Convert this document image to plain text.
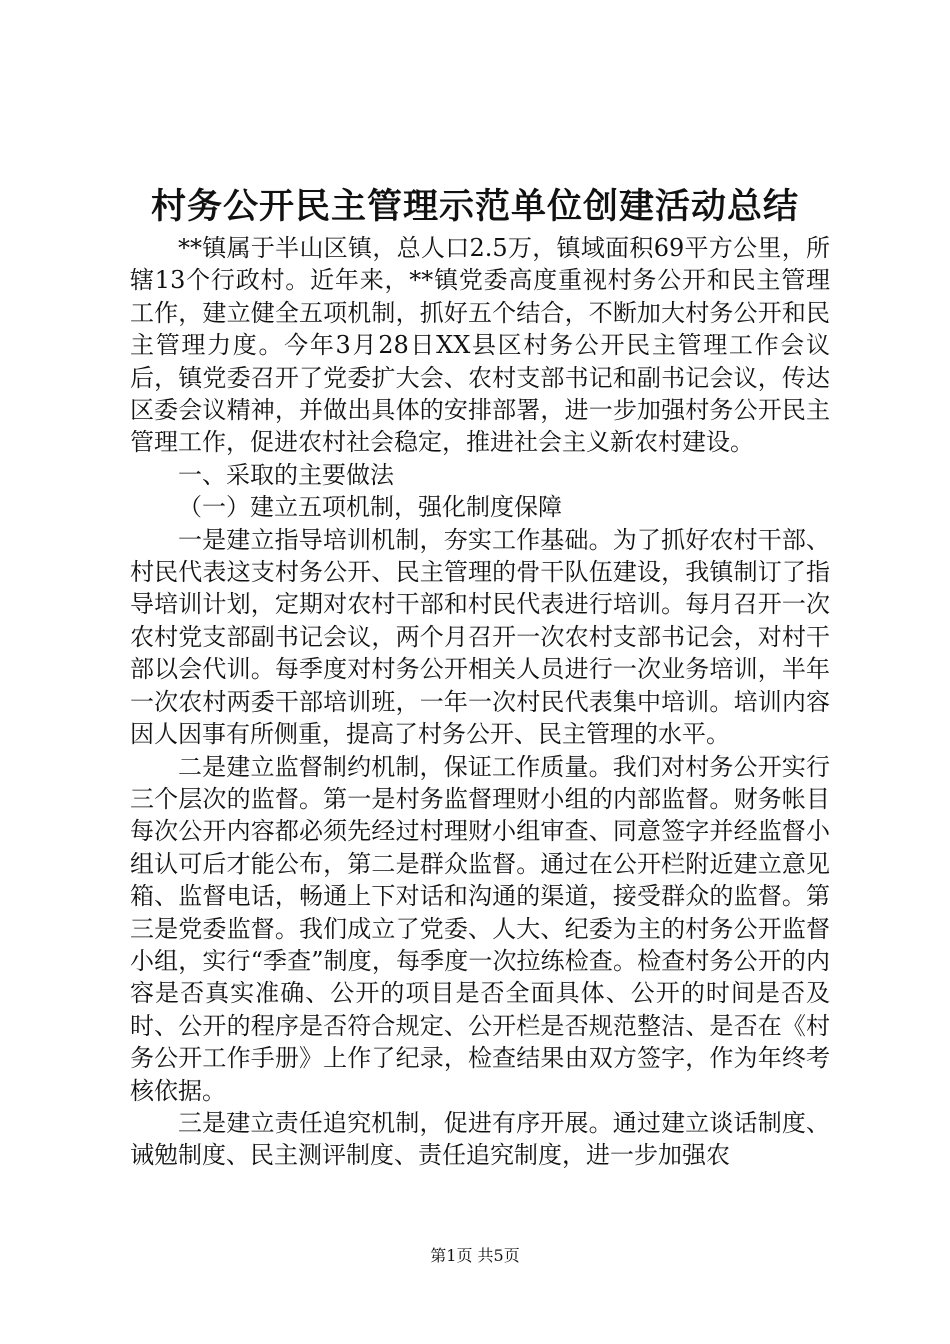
村务公开民主管理示范单位创建活动总结

**镇属于半山区镇，总人口2.5万，镇域面积69平方公里，所辖13个行政村。近年来，**镇党委高度重视村务公开和民主管理工作，建立健全五项机制，抓好五个结合，不断加大村务公开和民主管理力度。今年3月28日XX县区村务公开民主管理工作会议后，镇党委召开了党委扩大会、农村支部书记和副书记会议，传达区委会议精神，并做出具体的安排部署，进一步加强村务公开民主管理工作，促进农村社会稳定，推进社会主义新农村建设。

一、采取的主要做法

（一）建立五项机制，强化制度保障

一是建立指导培训机制，夯实工作基础。为了抓好农村干部、村民代表这支村务公开、民主管理的骨干队伍建设，我镇制订了指导培训计划，定期对农村干部和村民代表进行培训。每月召开一次农村党支部副书记会议，两个月召开一次农村支部书记会，对村干部以会代训。每季度对村务公开相关人员进行一次业务培训，半年一次农村两委干部培训班，一年一次村民代表集中培训。培训内容因人因事有所侧重，提高了村务公开、民主管理的水平。

二是建立监督制约机制，保证工作质量。我们对村务公开实行三个层次的监督。第一是村务监督理财小组的内部监督。财务帐目每次公开内容都必须先经过村理财小组审查、同意签字并经监督小组认可后才能公布，第二是群众监督。通过在公开栏附近建立意见箱、监督电话，畅通上下对话和沟通的渠道，接受群众的监督。第三是党委监督。我们成立了党委、人大、纪委为主的村务公开监督小组，实行“季查”制度，每季度一次拉练检查。检查村务公开的内容是否真实准确、公开的项目是否全面具体、公开的时间是否及时、公开的程序是否符合规定、公开栏是否规范整洁、是否在《村务公开工作手册》上作了纪录，检查结果由双方签字，作为年终考核依据。

三是建立责任追究机制，促进有序开展。通过建立谈话制度、诫勉制度、民主测评制度、责任追究制度，进一步加强农

第1页 共5页
